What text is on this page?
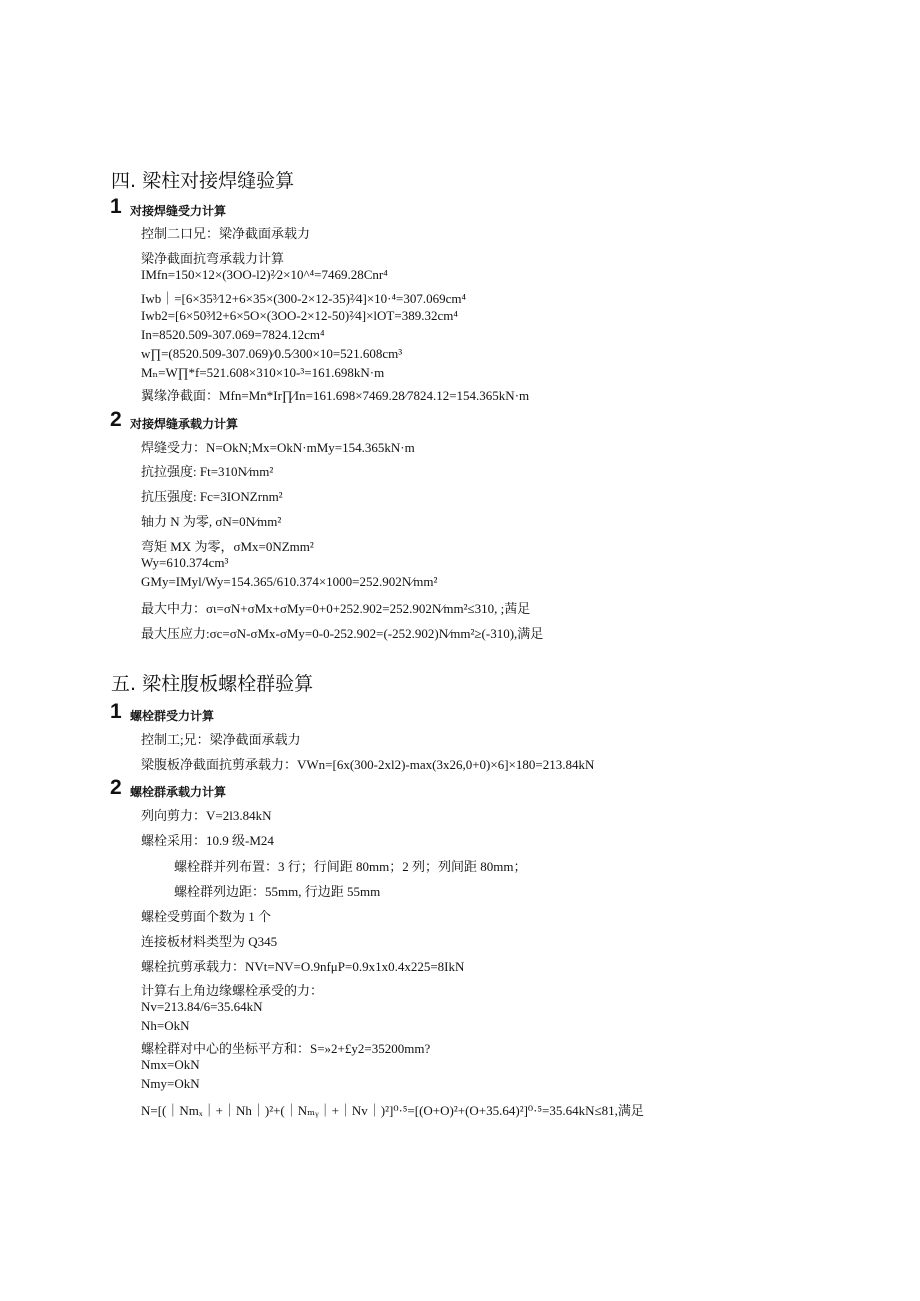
四. 梁柱对接焊缝验算
1 对接焊缝受力计算
控制二口兄：梁净截面承载力
梁净截面抗弯承载力计算
IMfn=150×12×(3OO-l2)²⁄2×10^⁴=7469.28Cnr⁴
Iwb｜=[6×35³⁄12+6×35×(300-2×12-35)²⁄4]×10·⁴=307.069cm⁴
Iwb2=[6×50³⁄l2+6×5O×(3OO-2×12-50)²⁄4]×lOT=389.32cm⁴
In=8520.509-307.069=7824.12cm⁴
w∏=(8520.509-307.069)⁄0.5⁄300×10=521.608cm³
Mₙ=W∏*f=521.608×310×10-³=161.698kN·m
翼缘净截面：Mfn=Mn*Ir∏⁄In=161.698×7469.28⁄7824.12=154.365kN·m
2 对接焊缝承载力计算
焊缝受力：N=OkN;Mx=OkN·mMy=154.365kN·m
抗拉强度: Ft=310N⁄mm²
抗压强度: Fc=3IONZrnm²
轴力 N 为零, σN=0N⁄mm²
弯矩 MX 为零，σMx=0NZmm²
Wy=610.374cm³
GMy=IMyl/Wy=154.365/610.374×1000=252.902N⁄mm²
最大中力：σι=σN+σMx+σMy=0+0+252.902=252.902N⁄mm²≤310, ;茜足
最大压应力:σc=σN-σMx-σMy=0-0-252.902=(-252.902)N⁄mm²≥(-310),满足
五. 梁柱腹板螺栓群验算
1 螺栓群受力计算
控制工;兄：梁净截面承载力
梁腹板净截面抗剪承载力：VWn=[6x(300-2xl2)-max(3x26,0+0)×6]×180=213.84kN
2 螺栓群承载力计算
列向剪力：V=2l3.84kN
螺栓采用：10.9 级-M24
螺栓群并列布置：3 行；行间距 80mm；2 列；列间距 80mm；
螺栓群列边距：55mm, 行边距 55mm
螺栓受剪面个数为 1 个
连接板材料类型为 Q345
螺栓抗剪承载力：NVt=NV=O.9nfμP=0.9x1x0.4x225=8IkN
计算右上角边缘螺栓承受的力：
Nv=213.84/6=35.64kN
Nh=OkN
螺栓群对中心的坐标平方和：S=»2+£y2=35200mm?
Nmx=OkN
Nmy=OkN
N=[(｜Nmₓ｜+｜Nh｜)²+(｜Nₘᵧ｜+｜Nv｜)²]⁰·⁵=[(O+O)²+(O+35.64)²]⁰·⁵=35.64kN≤81,满足
